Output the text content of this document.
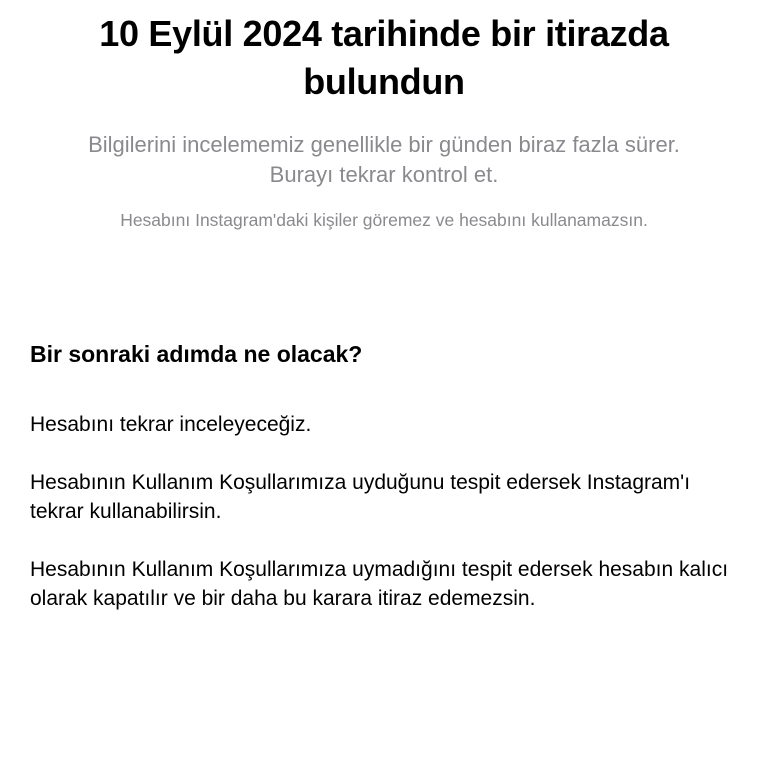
10 Eylül 2024 tarihinde bir itirazda bulundun
Bilgilerini incelememiz genellikle bir günden biraz fazla sürer. Burayı tekrar kontrol et.
Hesabını Instagram'daki kişiler göremez ve hesabını kullanamazsın.
Bir sonraki adımda ne olacak?

Hesabını tekrar inceleyeceğiz.

Hesabının Kullanım Koşullarımıza uyduğunu tespit edersek Instagram'ı tekrar kullanabilirsin.

Hesabının Kullanım Koşullarımıza uymadığını tespit edersek hesabın kalıcı olarak kapatılır ve bir daha bu karara itiraz edemezsin.
